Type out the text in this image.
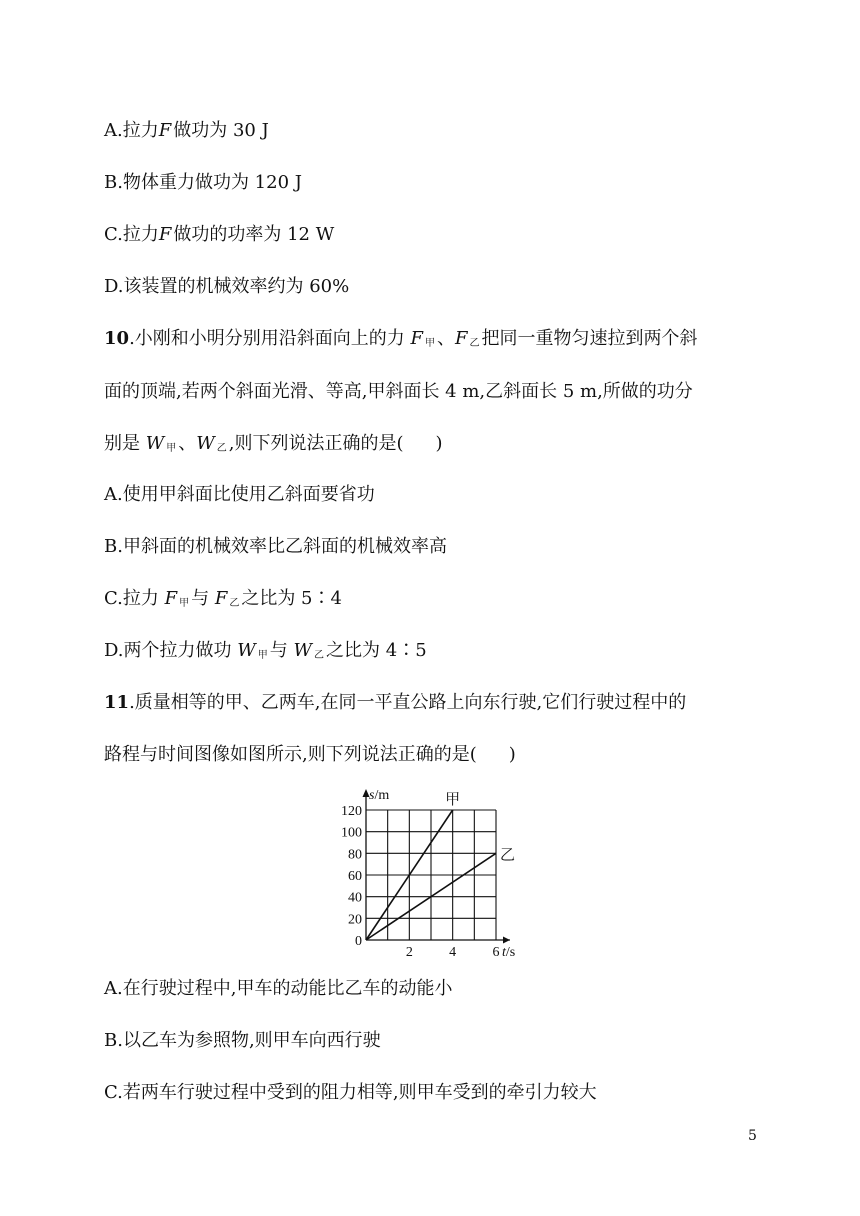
A.拉力F 做功为 30 J
B.物体重力做功为 120 J
C.拉力F 做功的功率为 12 W
D.该装置的机械效率约为 60%
10.小刚和小明分别用沿斜面向上的力 F $_甲$ 、F $_乙$ 把同一重物匀速拉到两个斜
面的顶端,若两个斜面光滑、等高,甲斜面长 4 m,乙斜面长 5 m,所做的功分
别是 W $_甲$ 、W $_乙$ ,则下列说法正确的是( )
A.使用甲斜面比使用乙斜面要省功
B.甲斜面的机械效率比乙斜面的机械效率高
C.拉力 F $_甲$ 与 F $_乙$ 之比为 5∶4
D.两个拉力做功 W $_甲$ 与 W $_乙$ 之比为 4∶5
11.质量相等的甲、乙两车,在同一平直公路上向东行驶,它们行驶过程中的
路程与时间图像如图所示,则下列说法正确的是( )
0
20
40
60
80
100
120
2	4	6
s/m
t/s
甲
乙
A.在行驶过程中,甲车的动能比乙车的动能小
B.以乙车为参照物,则甲车向西行驶
C.若两车行驶过程中受到的阻力相等,则甲车受到的牵引力较大
5
